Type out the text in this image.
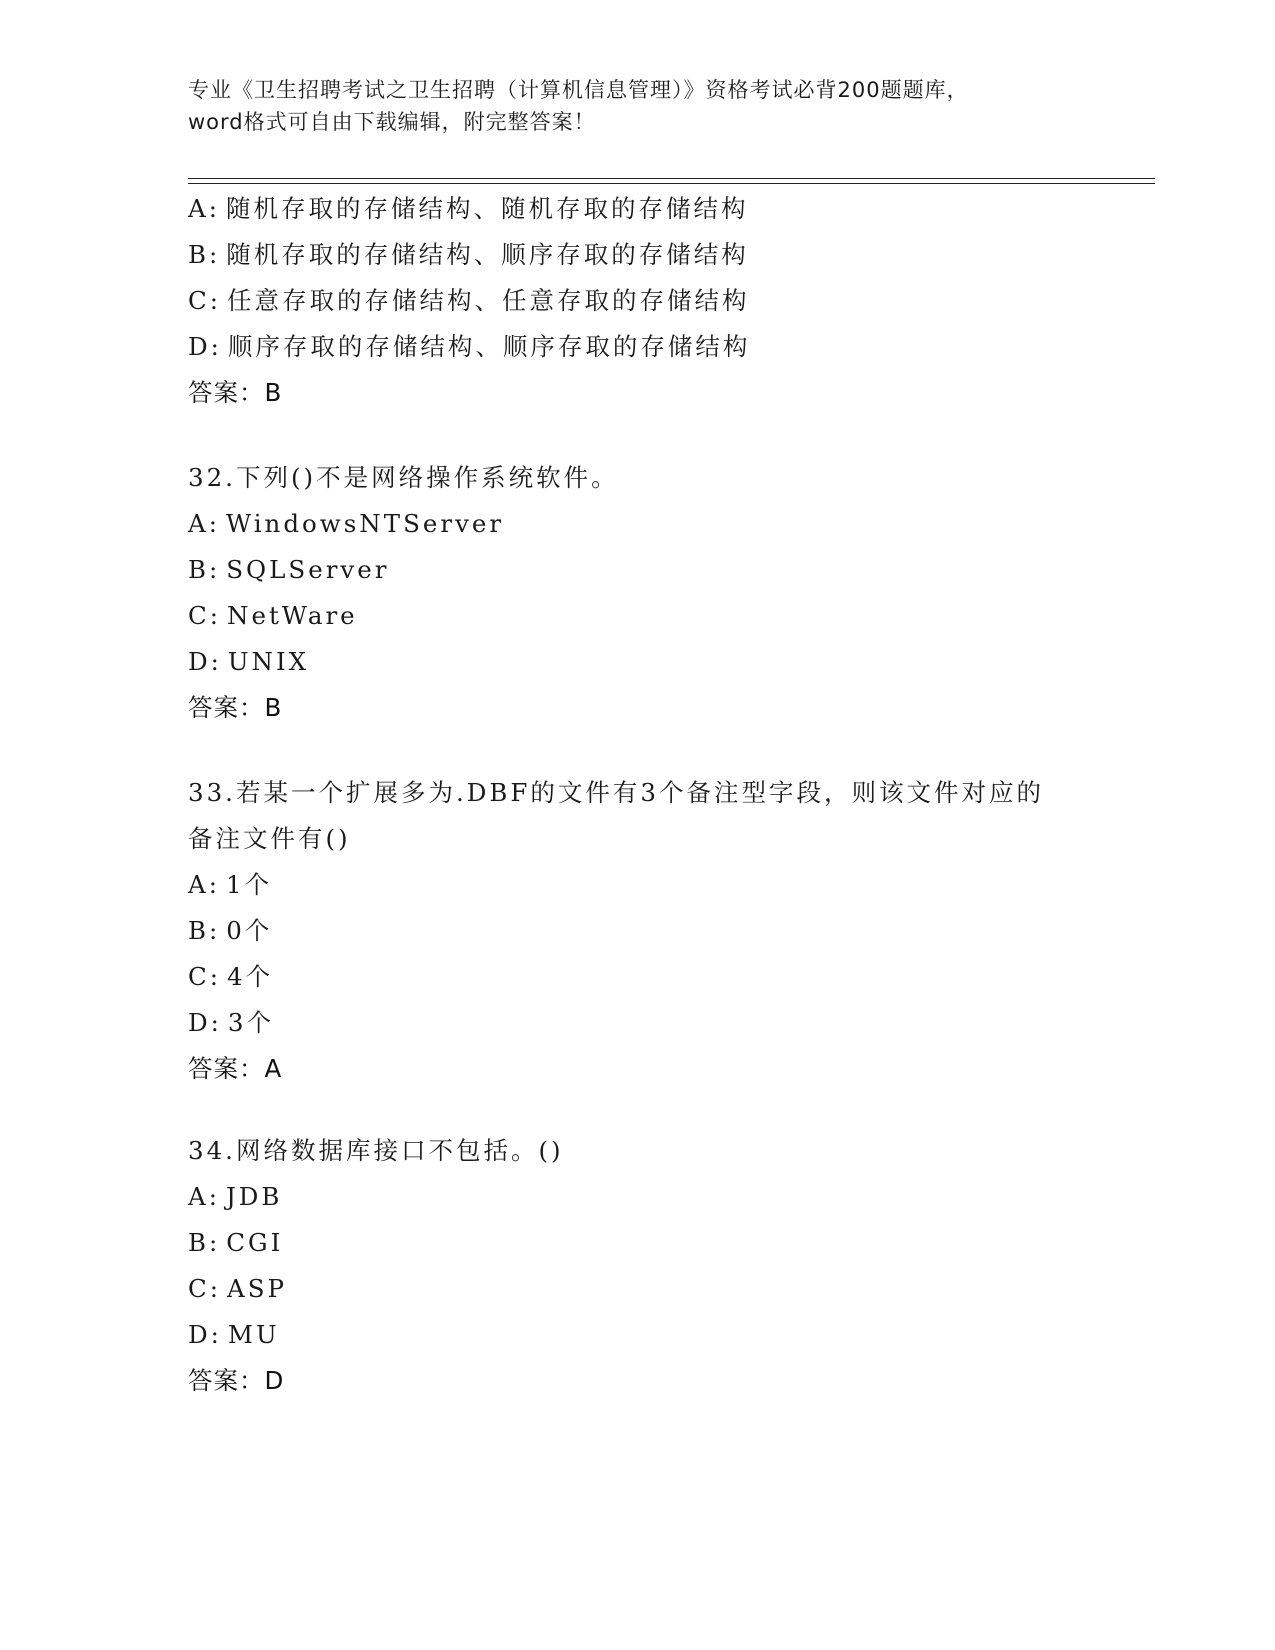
专业《卫生招聘考试之卫生招聘（计算机信息管理）》资格考试必背200题题库，
word格式可自由下载编辑，附完整答案！
A: 随机存取的存储结构、随机存取的存储结构
B: 随机存取的存储结构、顺序存取的存储结构
C: 任意存取的存储结构、任意存取的存储结构
D: 顺序存取的存储结构、顺序存取的存储结构
答案：B
32.下列()不是网络操作系统软件。
A: WindowsNTServer
B: SQLServer
C: NetWare
D: UNIX
答案：B
33.若某一个扩展多为.DBF的文件有3个备注型字段，则该文件对应的
备注文件有()
A: 1个
B: 0个
C: 4个
D: 3个
答案：A
34.网络数据库接口不包括。()
A: JDB
B: CGI
C: ASP
D: MU
答案：D
